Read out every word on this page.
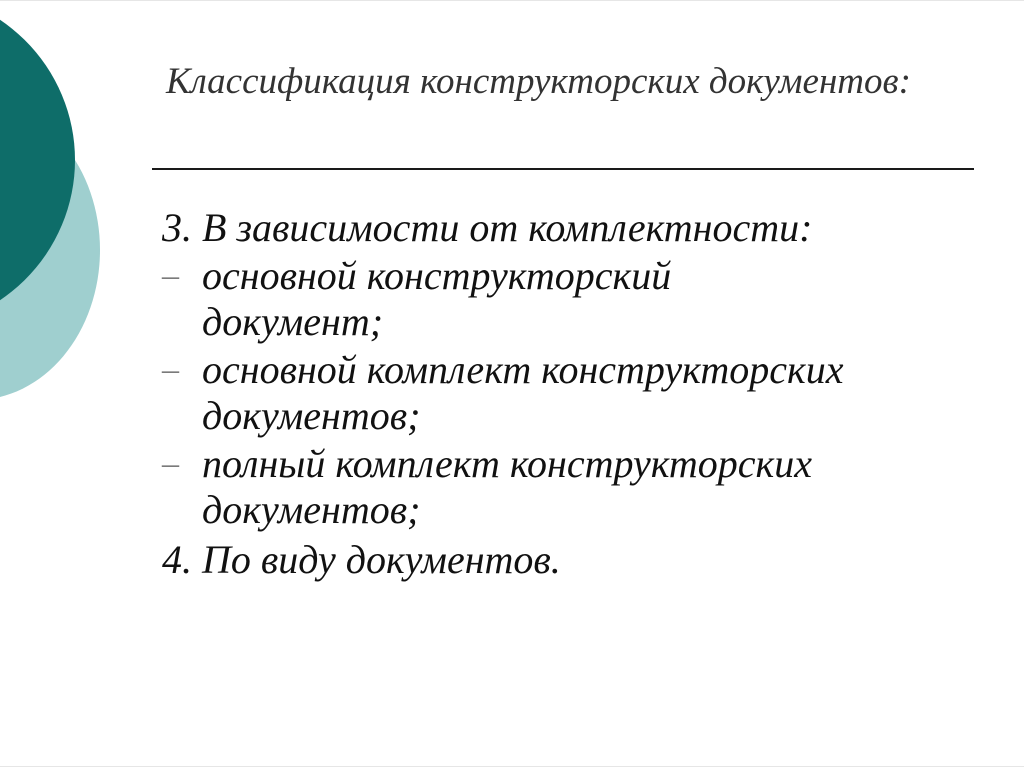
Классификация конструкторских документов:

3. В зависимости от комплектности:

– основной конструкторский документ;
– основной комплект конструкторских документов;
– полный комплект конструкторских документов;

4. По виду документов.
